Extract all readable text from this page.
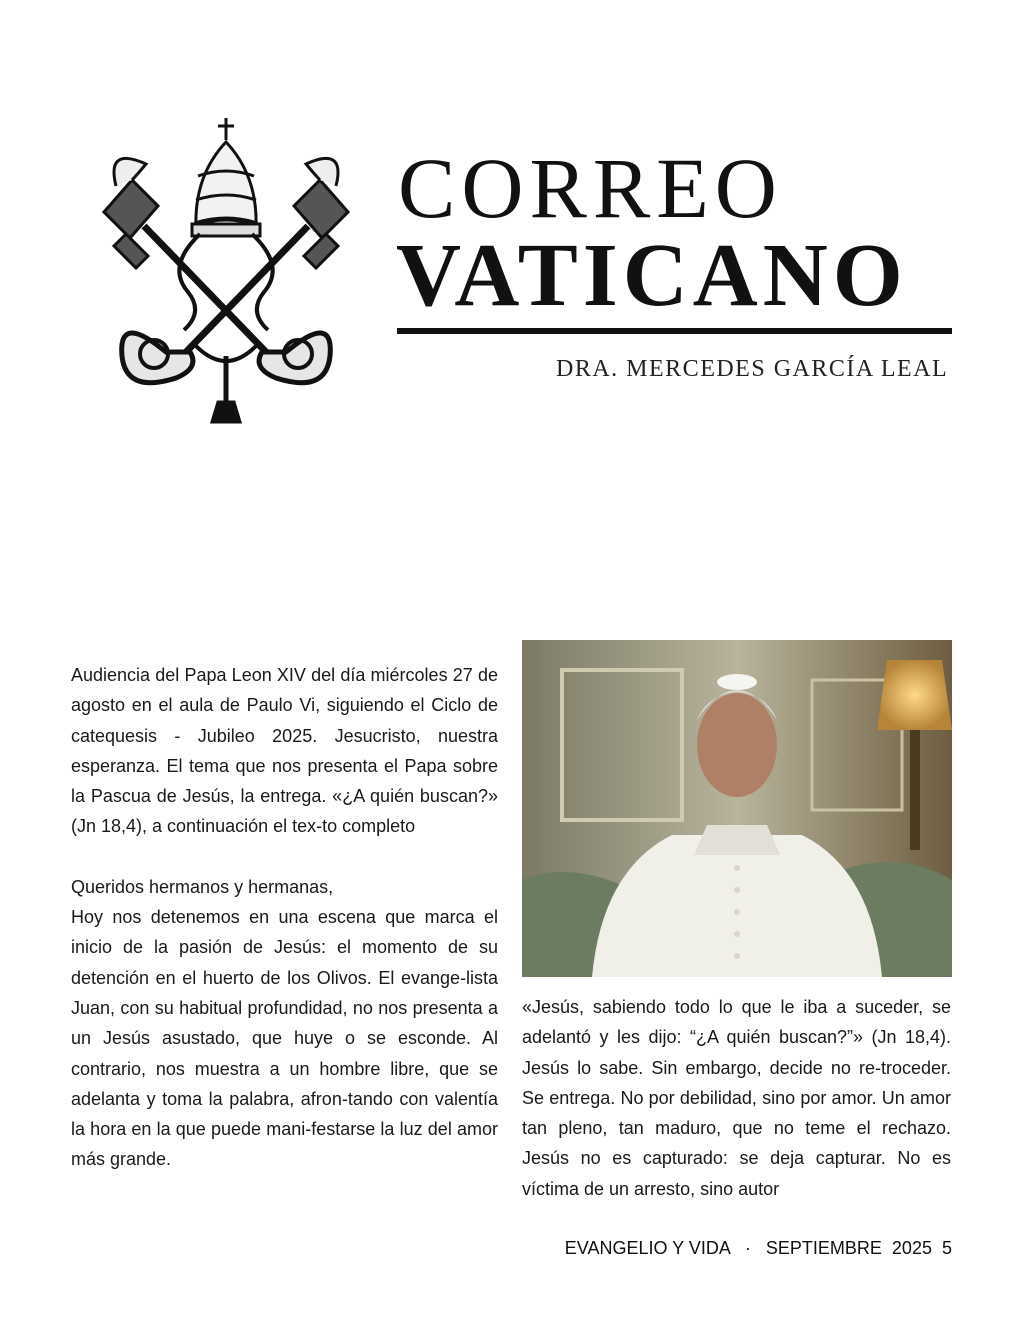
CORREO
VATICANO
DRA. MERCEDES GARCÍA LEAL

Audiencia del Papa Leon XIV del día miércoles 27 de agosto en el aula de Paulo Vi, siguiendo el Ciclo de catequesis - Jubileo 2025. Jesucristo, nuestra esperanza. El tema que nos presenta el Papa sobre la Pascua de Jesús, la entrega. «¿A quién buscan?» (Jn 18,4), a continuación el tex-to completo

Queridos hermanos y hermanas,

Hoy nos detenemos en una escena que marca el inicio de la pasión de Jesús: el momento de su detención en el huerto de los Olivos. El evange-lista Juan, con su habitual profundidad, no nos presenta a un Jesús asustado, que huye o se esconde. Al contrario, nos muestra a un hombre libre, que se adelanta y toma la palabra, afron-tando con valentía la hora en la que puede mani-festarse la luz del amor más grande.

«Jesús, sabiendo todo lo que le iba a suceder, se adelantó y les dijo: “¿A quién buscan?”» (Jn 18,4). Jesús lo sabe. Sin embargo, decide no re-troceder. Se entrega. No por debilidad, sino por amor. Un amor tan pleno, tan maduro, que no teme el rechazo. Jesús no es capturado: se deja capturar. No es víctima de un arresto, sino autor

EVANGELIO Y VIDA · SEPTIEMBRE  2025 5
